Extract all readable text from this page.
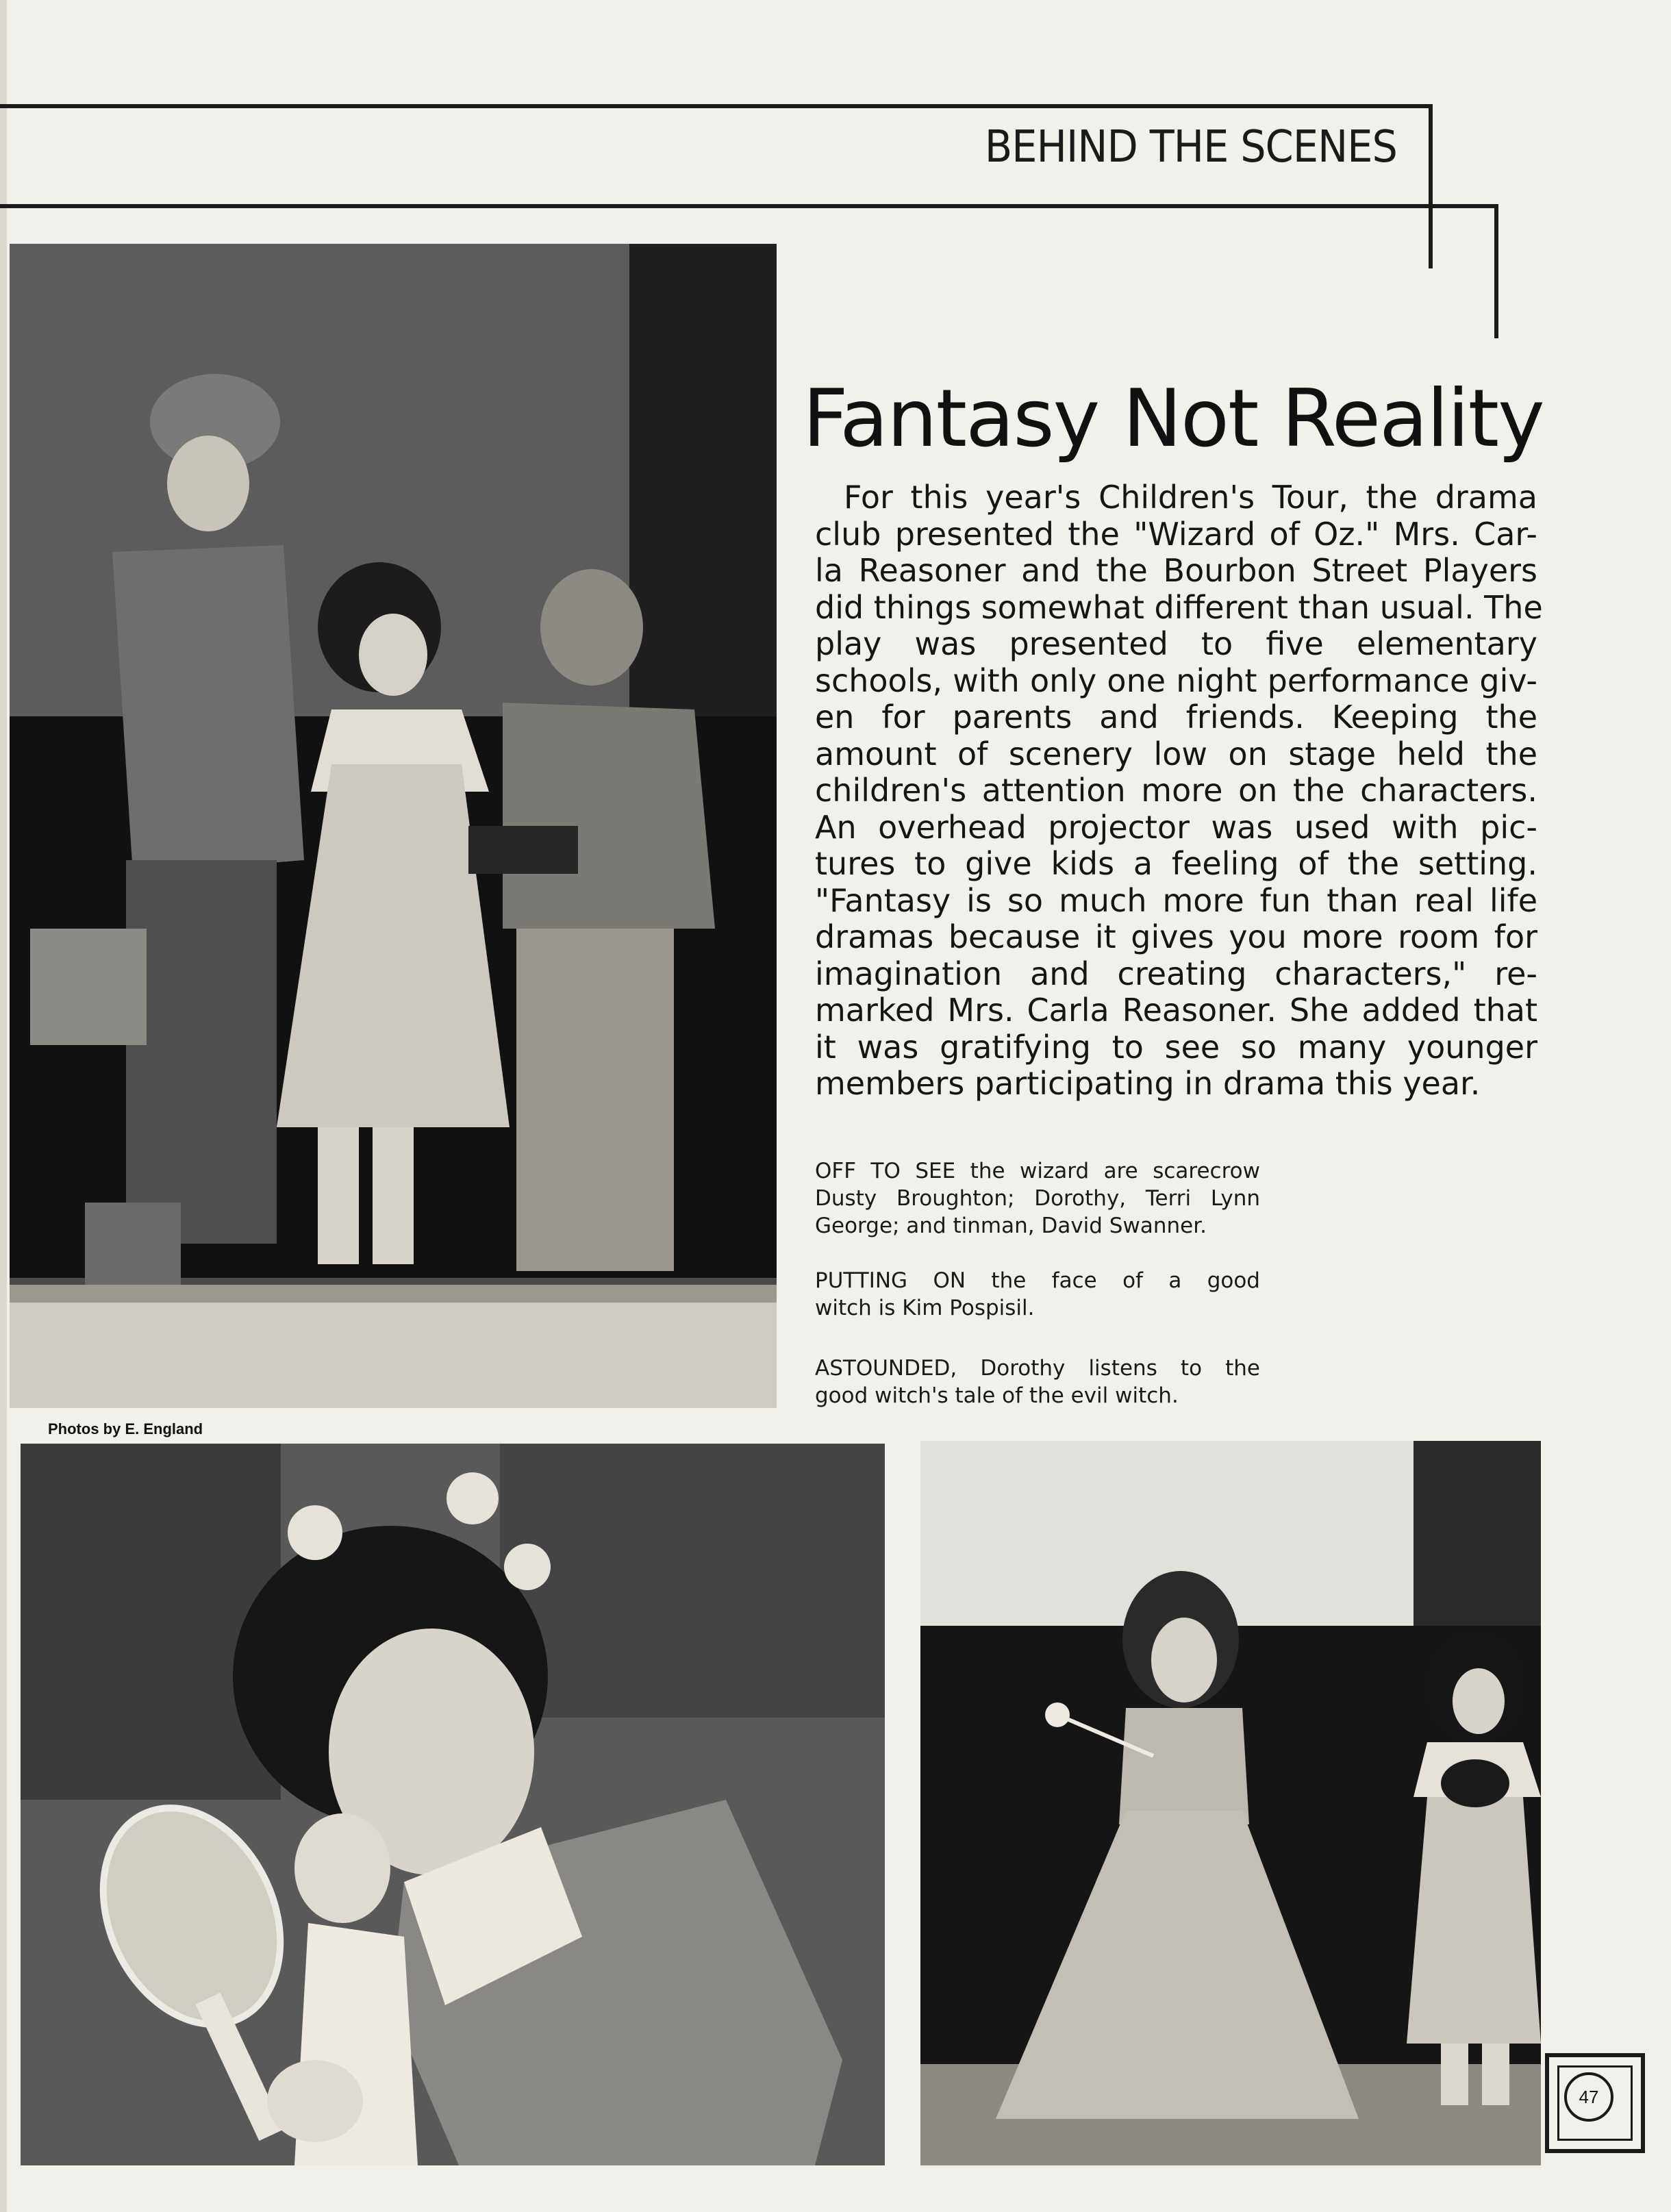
BEHIND THE SCENES
Fantasy Not Reality
For this year's Children's Tour, the drama
club presented the "Wizard of Oz." Mrs. Car-
la Reasoner and the Bourbon Street Players
did things somewhat different than usual. The
play was presented to five elementary
schools, with only one night performance giv-
en for parents and friends. Keeping the
amount of scenery low on stage held the
children's attention more on the characters.
An overhead projector was used with pic-
tures to give kids a feeling of the setting.
"Fantasy is so much more fun than real life
dramas because it gives you more room for
imagination and creating characters," re-
marked Mrs. Carla Reasoner. She added that
it was gratifying to see so many younger
members participating in drama this year.
OFF TO SEE the wizard are scarecrow
Dusty Broughton; Dorothy, Terri Lynn
George; and tinman, David Swanner.
PUTTING ON the face of a good
witch is Kim Pospisil.
ASTOUNDED, Dorothy listens to the
good witch's tale of the evil witch.
Photos by E. England
47
